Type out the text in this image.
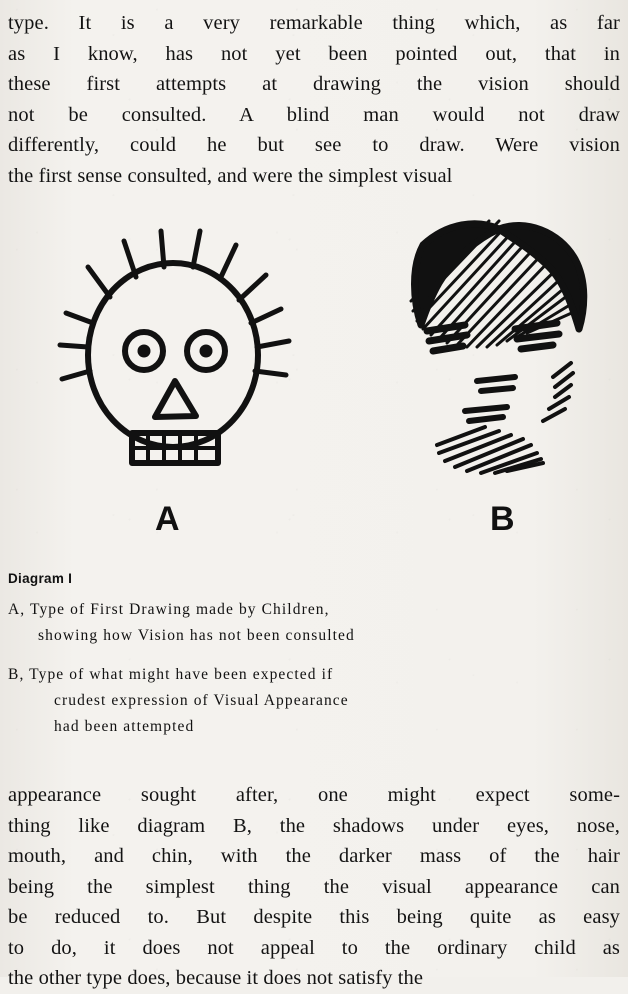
type. It is a very remarkable thing which, as far
as I know, has not yet been pointed out, that in
these first attempts at drawing the vision should
not be consulted. A blind man would not draw
differently, could he but see to draw. Were vision
the first sense consulted, and were the simplest visual
A	B
Diagram I
A, Type of First Drawing made by Children,
showing how Vision has not been consulted
B, Type of what might have been expected if
crudest expression of Visual Appearance
had been attempted
appearance sought after, one might expect some-
thing like diagram B, the shadows under eyes, nose,
mouth, and chin, with the darker mass of the hair
being the simplest thing the visual appearance can
be reduced to. But despite this being quite as easy
to do, it does not appeal to the ordinary child as
the other type does, because it does not satisfy the
